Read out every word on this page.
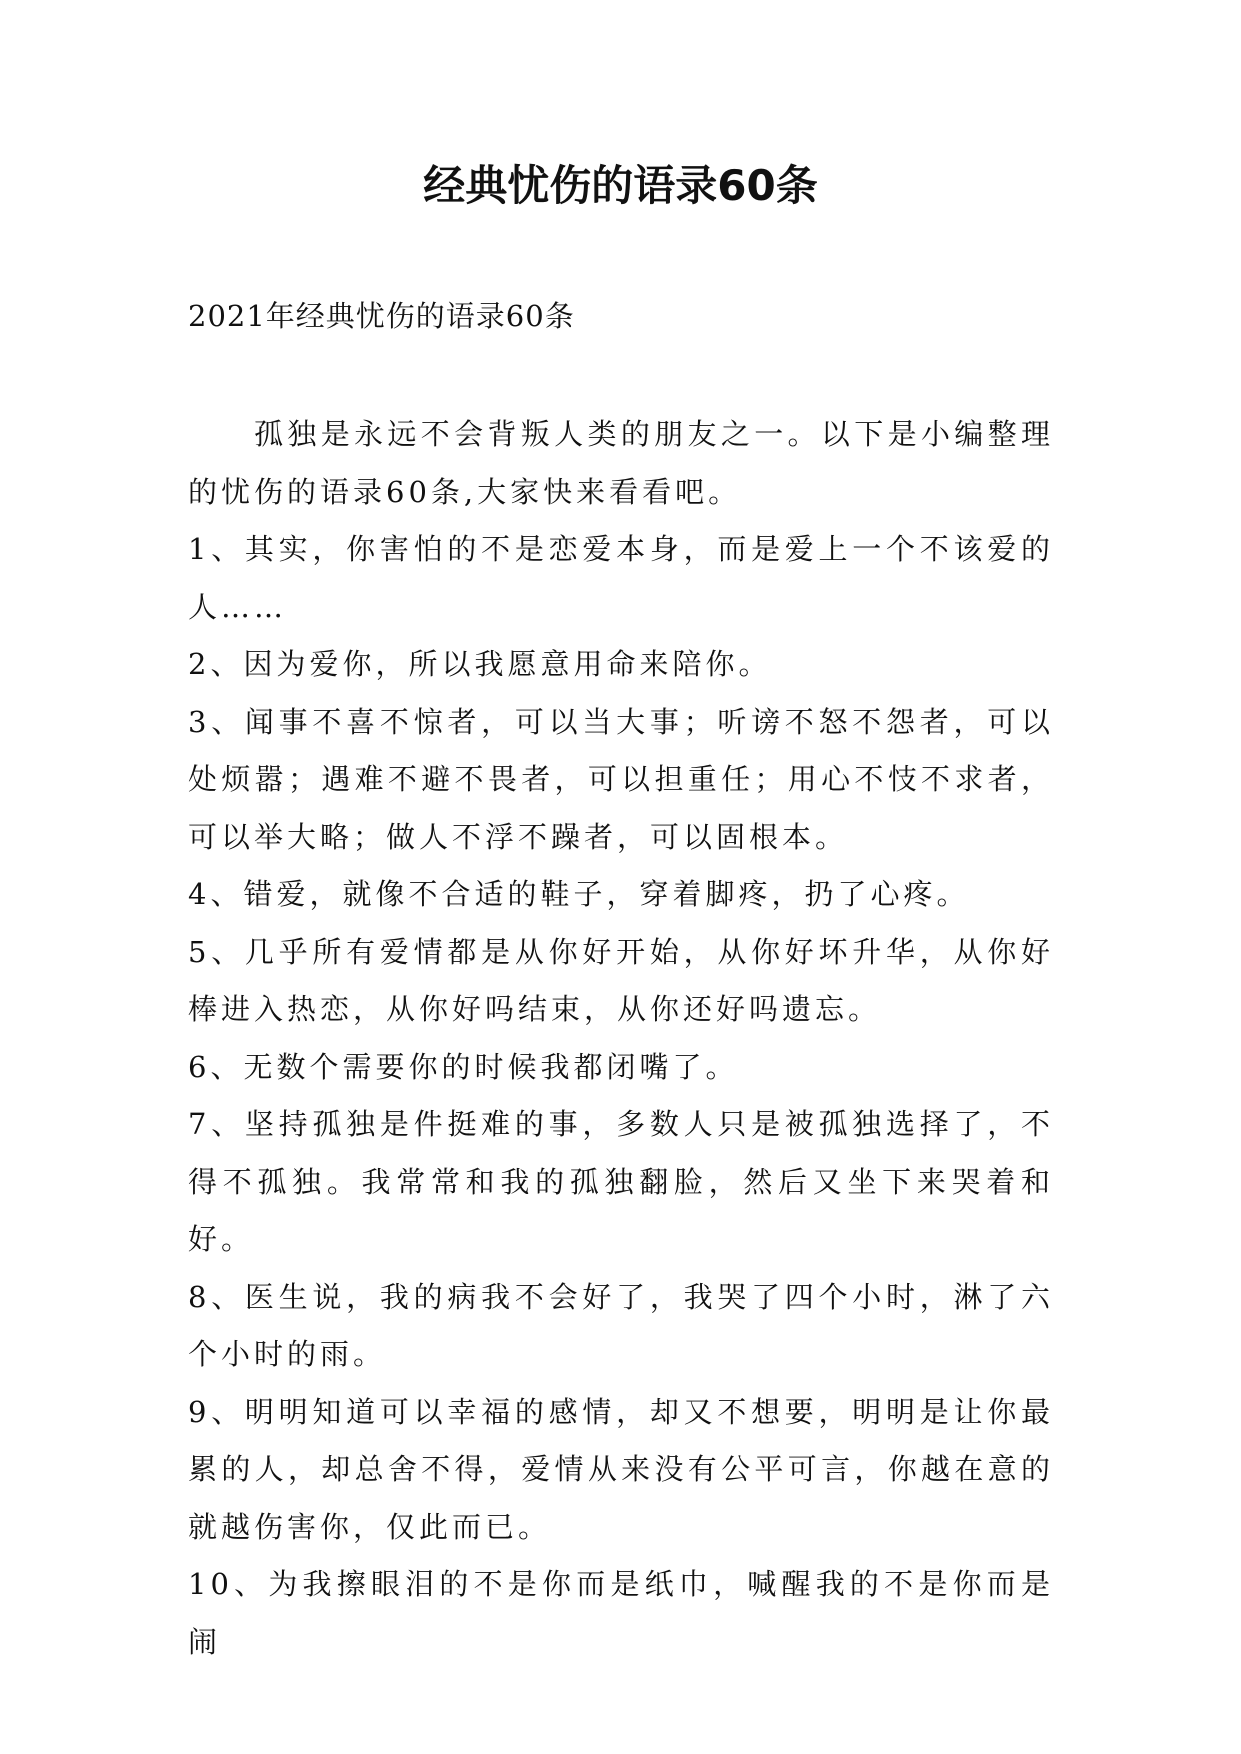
经典忧伤的语录60条

2021年经典忧伤的语录60条

孤独是永远不会背叛人类的朋友之一。以下是小编整理的忧伤的语录60条,大家快来看看吧。

1、其实，你害怕的不是恋爱本身，而是爱上一个不该爱的人……

2、因为爱你，所以我愿意用命来陪你。

3、闻事不喜不惊者，可以当大事；听谤不怒不怨者，可以处烦嚣；遇难不避不畏者，可以担重任；用心不忮不求者，可以举大略；做人不浮不躁者，可以固根本。

4、错爱，就像不合适的鞋子，穿着脚疼，扔了心疼。

5、几乎所有爱情都是从你好开始，从你好坏升华，从你好棒进入热恋，从你好吗结束，从你还好吗遗忘。

6、无数个需要你的时候我都闭嘴了。

7、坚持孤独是件挺难的事，多数人只是被孤独选择了，不得不孤独。我常常和我的孤独翻脸，然后又坐下来哭着和好。

8、医生说，我的病我不会好了，我哭了四个小时，淋了六个小时的雨。

9、明明知道可以幸福的感情，却又不想要，明明是让你最累的人，却总舍不得，爱情从来没有公平可言，你越在意的就越伤害你，仅此而已。

10、为我擦眼泪的不是你而是纸巾，喊醒我的不是你而是闹
